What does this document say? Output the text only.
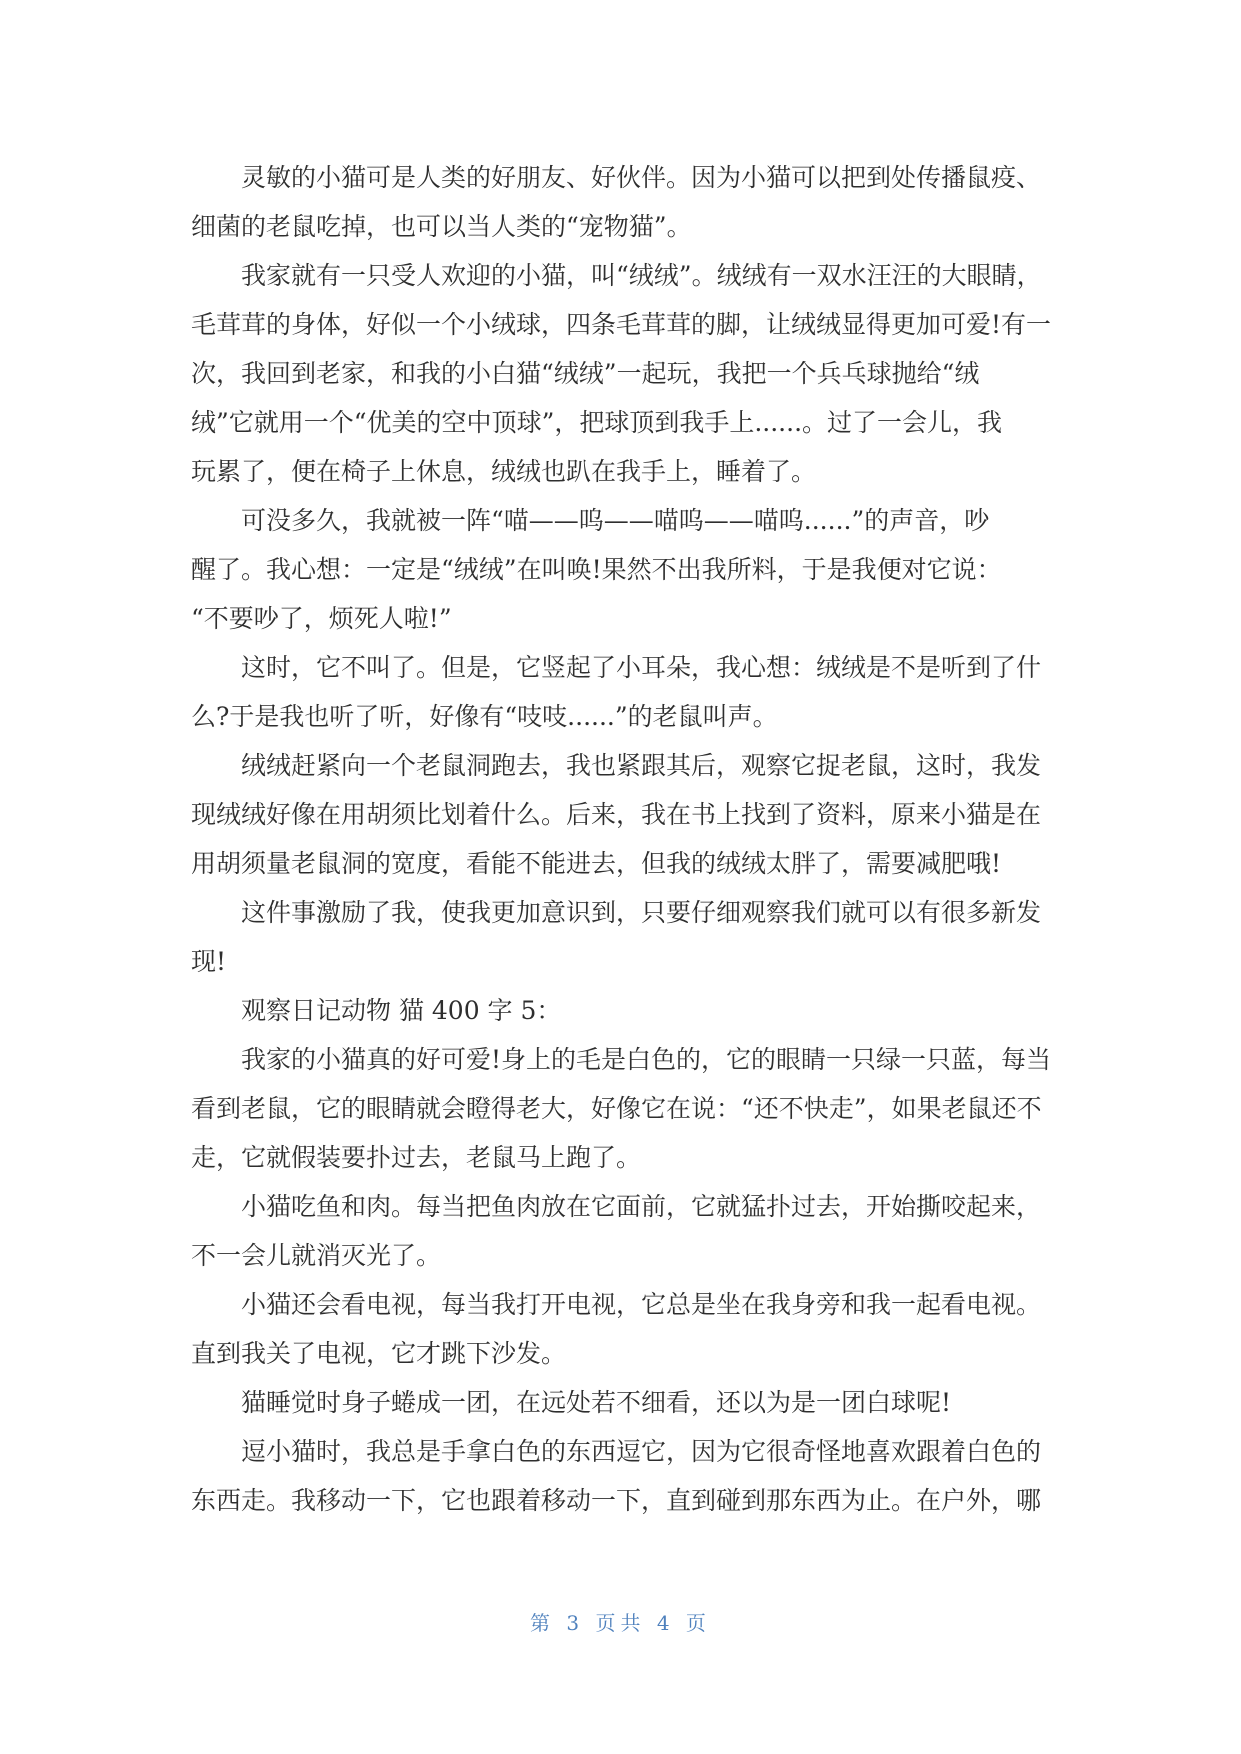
灵敏的小猫可是人类的好朋友、好伙伴。因为小猫可以把到处传播鼠疫、
细菌的老鼠吃掉，也可以当人类的“宠物猫”。
我家就有一只受人欢迎的小猫，叫“绒绒”。绒绒有一双水汪汪的大眼睛，
毛茸茸的身体，好似一个小绒球，四条毛茸茸的脚，让绒绒显得更加可爱!有一
次，我回到老家，和我的小白猫“绒绒”一起玩，我把一个兵乓球抛给“绒
绒”它就用一个“优美的空中顶球”，把球顶到我手上......。过了一会儿，我
玩累了，便在椅子上休息，绒绒也趴在我手上，睡着了。
可没多久，我就被一阵“喵——呜——喵呜——喵呜......”的声音，吵
醒了。我心想：一定是“绒绒”在叫唤!果然不出我所料，于是我便对它说：
“不要吵了，烦死人啦!”
这时，它不叫了。但是，它竖起了小耳朵，我心想：绒绒是不是听到了什
么?于是我也听了听，好像有“吱吱......”的老鼠叫声。
绒绒赶紧向一个老鼠洞跑去，我也紧跟其后，观察它捉老鼠，这时，我发
现绒绒好像在用胡须比划着什么。后来，我在书上找到了资料，原来小猫是在
用胡须量老鼠洞的宽度，看能不能进去，但我的绒绒太胖了，需要减肥哦!
这件事激励了我，使我更加意识到，只要仔细观察我们就可以有很多新发
现!
观察日记动物 猫 400 字 5：
我家的小猫真的好可爱!身上的毛是白色的，它的眼睛一只绿一只蓝，每当
看到老鼠，它的眼睛就会瞪得老大，好像它在说：“还不快走”，如果老鼠还不
走，它就假装要扑过去，老鼠马上跑了。
小猫吃鱼和肉。每当把鱼肉放在它面前，它就猛扑过去，开始撕咬起来，
不一会儿就消灭光了。
小猫还会看电视，每当我打开电视，它总是坐在我身旁和我一起看电视。
直到我关了电视，它才跳下沙发。
猫睡觉时身子蜷成一团，在远处若不细看，还以为是一团白球呢!
逗小猫时，我总是手拿白色的东西逗它，因为它很奇怪地喜欢跟着白色的
东西走。我移动一下，它也跟着移动一下，直到碰到那东西为止。在户外，哪
第 3 页共 4 页
